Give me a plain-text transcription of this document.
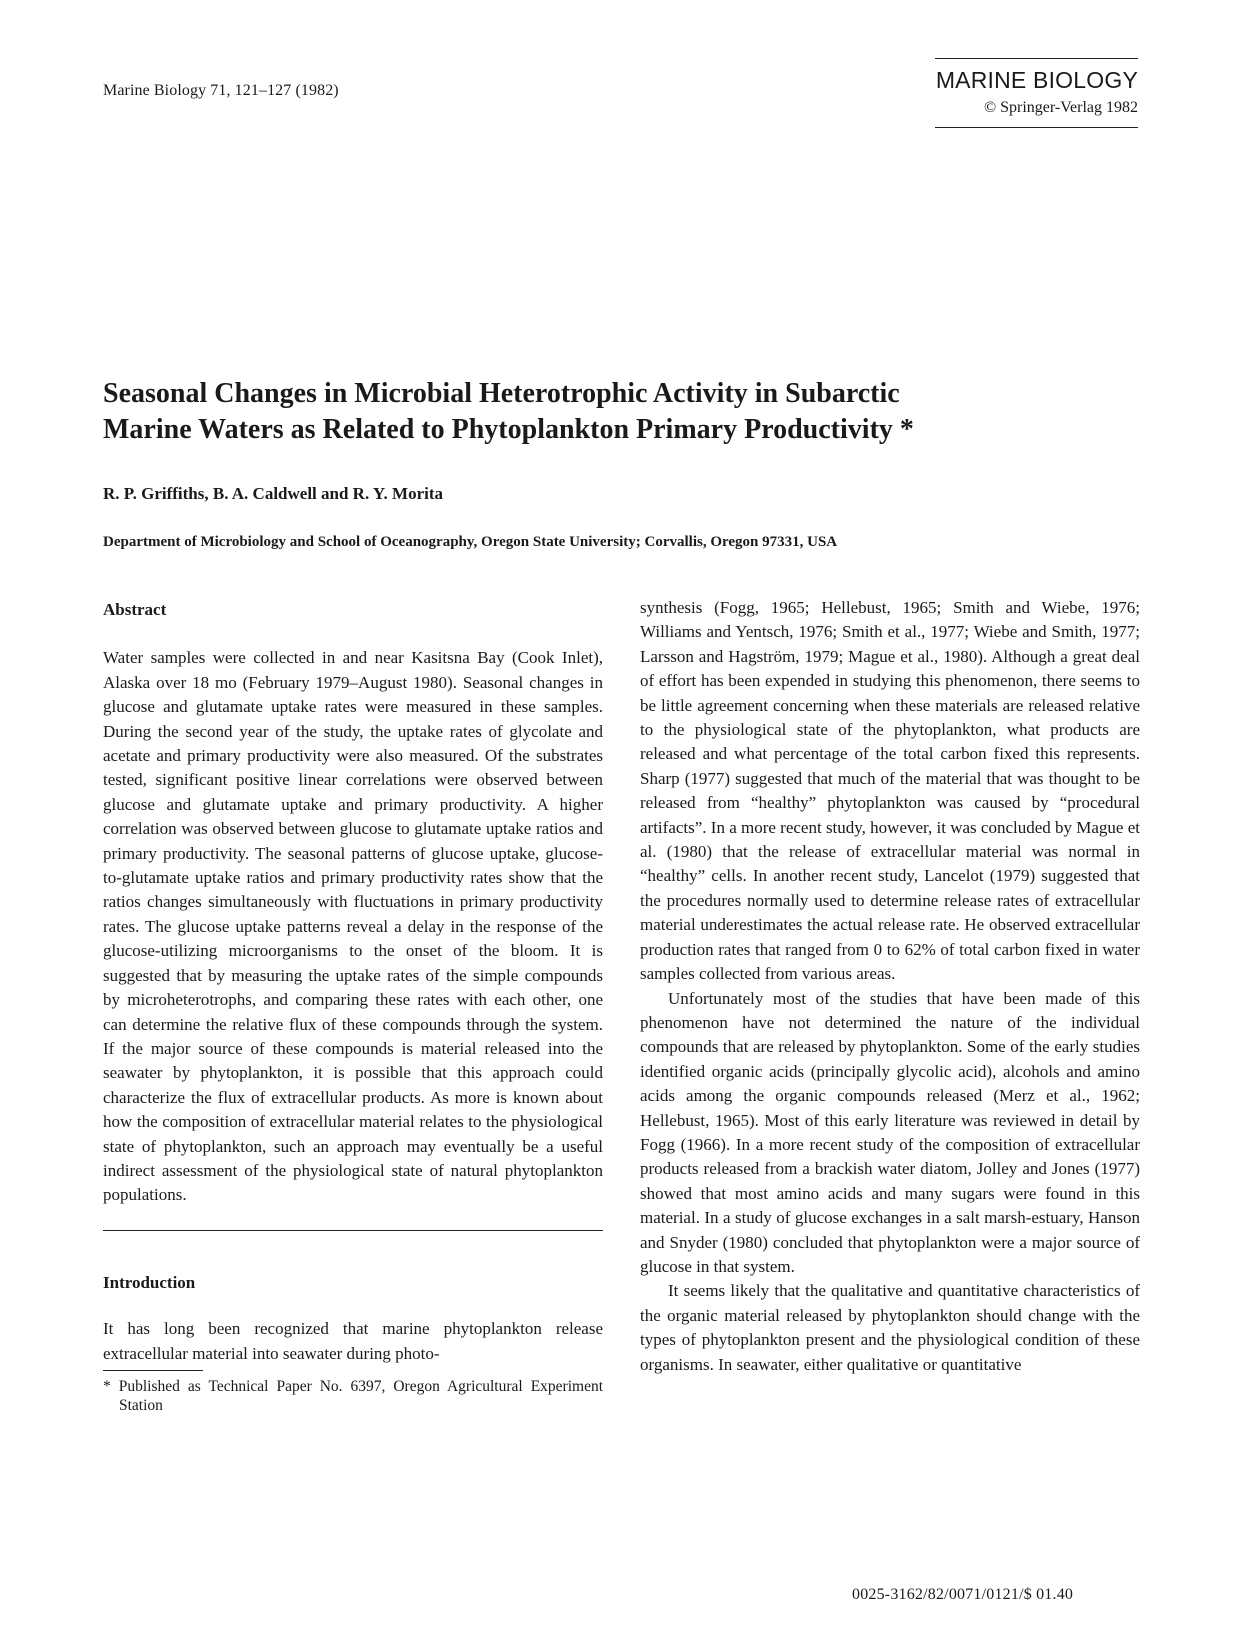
Marine Biology 71, 121–127 (1982)	MARINE BIOLOGY
© Springer-Verlag 1982
Seasonal Changes in Microbial Heterotrophic Activity in Subarctic
Marine Waters as Related to Phytoplankton Primary Productivity *
R. P. Griffiths, B. A. Caldwell and R. Y. Morita
Department of Microbiology and School of Oceanography, Oregon State University; Corvallis, Oregon 97331, USA

Abstract

Water samples were collected in and near Kasitsna Bay (Cook Inlet), Alaska over 18 mo (February 1979–August 1980). Seasonal changes in glucose and glutamate uptake rates were measured in these samples. During the second year of the study, the uptake rates of glycolate and acetate and primary productivity were also measured. Of the substrates tested, significant positive linear correlations were observed between glucose and glutamate uptake and primary productivity. A higher correlation was observed between glucose to glutamate uptake ratios and primary productivity. The seasonal patterns of glucose uptake, glucose-to-glutamate uptake ratios and primary productivity rates show that the ratios changes simultaneously with fluctuations in primary productivity rates. The glucose uptake patterns reveal a delay in the response of the glucose-utilizing microorganisms to the onset of the bloom. It is suggested that by measuring the uptake rates of the simple compounds by microheterotrophs, and comparing these rates with each other, one can determine the relative flux of these compounds through the system. If the major source of these compounds is material released into the seawater by phytoplankton, it is possible that this approach could characterize the flux of extracellular products. As more is known about how the composition of extracellular material relates to the physiological state of phytoplankton, such an approach may eventually be a useful indirect assessment of the physiological state of natural phytoplankton populations.

Introduction

It has long been recognized that marine phytoplankton release extracellular material into seawater during photo-

* Published as Technical Paper No. 6397, Oregon Agricultural Experiment Station

synthesis (Fogg, 1965; Hellebust, 1965; Smith and Wiebe, 1976; Williams and Yentsch, 1976; Smith et al., 1977; Wiebe and Smith, 1977; Larsson and Hagström, 1979; Mague et al., 1980). Although a great deal of effort has been expended in studying this phenomenon, there seems to be little agreement concerning when these materials are released relative to the physiological state of the phytoplankton, what products are released and what percentage of the total carbon fixed this represents. Sharp (1977) suggested that much of the material that was thought to be released from “healthy” phytoplankton was caused by “procedural artifacts”. In a more recent study, however, it was concluded by Mague et al. (1980) that the release of extracellular material was normal in “healthy” cells. In another recent study, Lancelot (1979) suggested that the procedures normally used to determine release rates of extracellular material underestimates the actual release rate. He observed extracellular production rates that ranged from 0 to 62% of total carbon fixed in water samples collected from various areas.

Unfortunately most of the studies that have been made of this phenomenon have not determined the nature of the individual compounds that are released by phytoplankton. Some of the early studies identified organic acids (principally glycolic acid), alcohols and amino acids among the organic compounds released (Merz et al., 1962; Hellebust, 1965). Most of this early literature was reviewed in detail by Fogg (1966). In a more recent study of the composition of extracellular products released from a brackish water diatom, Jolley and Jones (1977) showed that most amino acids and many sugars were found in this material. In a study of glucose exchanges in a salt marsh-estuary, Hanson and Snyder (1980) concluded that phytoplankton were a major source of glucose in that system.

It seems likely that the qualitative and quantitative characteristics of the organic material released by phytoplankton should change with the types of phytoplankton present and the physiological condition of these organisms. In seawater, either qualitative or quantitative

0025-3162/82/0071/0121/$ 01.40
